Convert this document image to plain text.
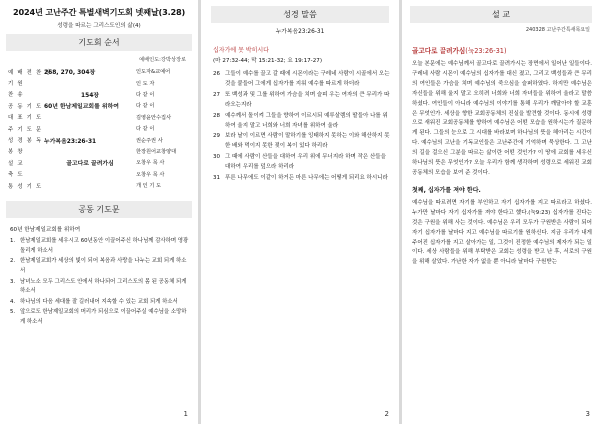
2024년 고난주간 특별새벽기도회 넷째날(3.28)
성령을 따르는 그리스도인의 삶(4)
기도회 순서
예배인도:강박상장로
예 배 전 찬 양
268, 270, 304장	인도자&교예어
기 원	인 도 자
찬 송	154장	다 같 이
공 동 기 도 60년 한남제일교회를 위하여	다 같 이
대 표 기 도	김영윤안수집사
주 기 도 문	다 같 이
성 경 봉 독 누가복음23:26-31	권순주권 사
봉 창	한장원어교창양대
설 교	골고다로 끌려가심	오창우 목 사
축 도	오창우 목 사
통 성 기 도	개 인 기 도
공동 기도문
60년 한남제일교회를 위하여
1. 한남제일교회를 세우시고 60년동안 이끌어주신 하나님께 감사하며 영광돌리게 하소서
2. 한남제일교회가 세상의 빛이 되어 복음과 사랑을 나누는 교회 되게 하소서
3. 남녀노소 모두 그리스도 안에서 하나되어 그리스도의 몸 된 공동체 되게 하소서
4. 하나님의 다음 세대를 잘 길러내어 지속할 수 있는 교회 되게 하소서
5. 앞으로도 한남제일교회의 머리가 되심으로 이끌어주실 예수님을 소망하게 하소서
1
성경 말씀
누가복음23:26-31
십자가에 못 박히시다
(마 27:32-44; 막 15:21-32; 요 19:17-27)
26 그들이 예수를 끌고 갈 때에 시몬이라는 구레네 사람이 시골에서 오는 것을 붙들어 그에게 십자가를 지워 예수를 따르게 하더라
27 또 백성과 및 그를 위하여 가슴을 치며 슬피 우는 여자의 큰 무리가 따라오는지라
28 예수께서 돌이켜 그들을 향하여 이르시되 예루살렘의 딸들아 나를 위하여 울지 말고 너희와 너희 자녀를 위하여 울라
29 보라 날이 이르면 사람이 말하기를 잉태하지 못하는 이와 해산하지 못한 배와 먹이지 못한 젖이 복이 있다 하리라
30 그 때에 사람이 산들을 대하여 우리 위에 무너지라 하며 작은 산들을 대하여 우리를 덮으라 하리라
31 푸른 나무에도 이같이 하거든 마른 나무에는 어떻게 되리요 하시니라
2
설 교
240328 고난주간특새목요일
골고다로 끌려가심(눅23:26-31)
오늘 본문에는 예수님께서 골고다로 끌려가시는 장면에서 일어난 일들이다. 구레네 사람 시몬이 예수님의 십자가를 대신 졌고, 그리고 백성들과 큰 무리의 여인들은 가슴을 치며 예수님의 죽으심을 슬퍼하였다. 하지만 예수님은 자신들을 위해 울지 말고 오히려 너희와 너희 자녀들을 위하여 울라고 말씀하셨다. 여인들이 아니라 예수님의 이야기를 통해 우리가 깨달아야 할 교훈은 무엇인가. 세상을 향한 교회공동체의 진실을 발견할 것이다. 동시에 성령으로 새워진 교회공동체를 향하여 예수님은 어떤 모습을 원하시는가 질문하게 된다. 그들의 눈으로 그 시대를 바라보며 하나님의 뜻을 헤아리는 시간이다. 예수님의 고난을 기독교인들은 고난주간에 기억하며 묵상한다. 그 고난의 길을 걸으신 그분을 따르는 삶이란 어떤 것인가? 이 땅에 교회를 세우신 하나님의 뜻은 무엇인가? 오늘 우리가 함께 생각하며 성령으로 세워진 교회공동체의 모습을 보여 준 것이다.
첫째, 십자가를 져야 한다.
예수님을 따르려면 자기를 부인하고 자기 십자가를 지고 따르라고 하셨다. 누가만 날마다 자기 십자가를 져야 한다고 했다.(눅9:23) 십자가를 진다는 것은 구원을 위해 사는 것이다. 예수님은 우리 모두가 구원받은 사람이 되어 자기 십자가를 날마다 지고 예수님을 따르기를 원하신다. 지금 우리가 내게 주어진 십자가를 지고 살아가는 일, 그것이 진정한 예수님의 제자가 되는 일이다. 세상 사람들을 위해 부탁받은 교회는 성령을 받고 난 후, 서로의 구원을 위해 살았다. 가난한 자가 없을 뿐 아니라 날마다 구원받는
3
